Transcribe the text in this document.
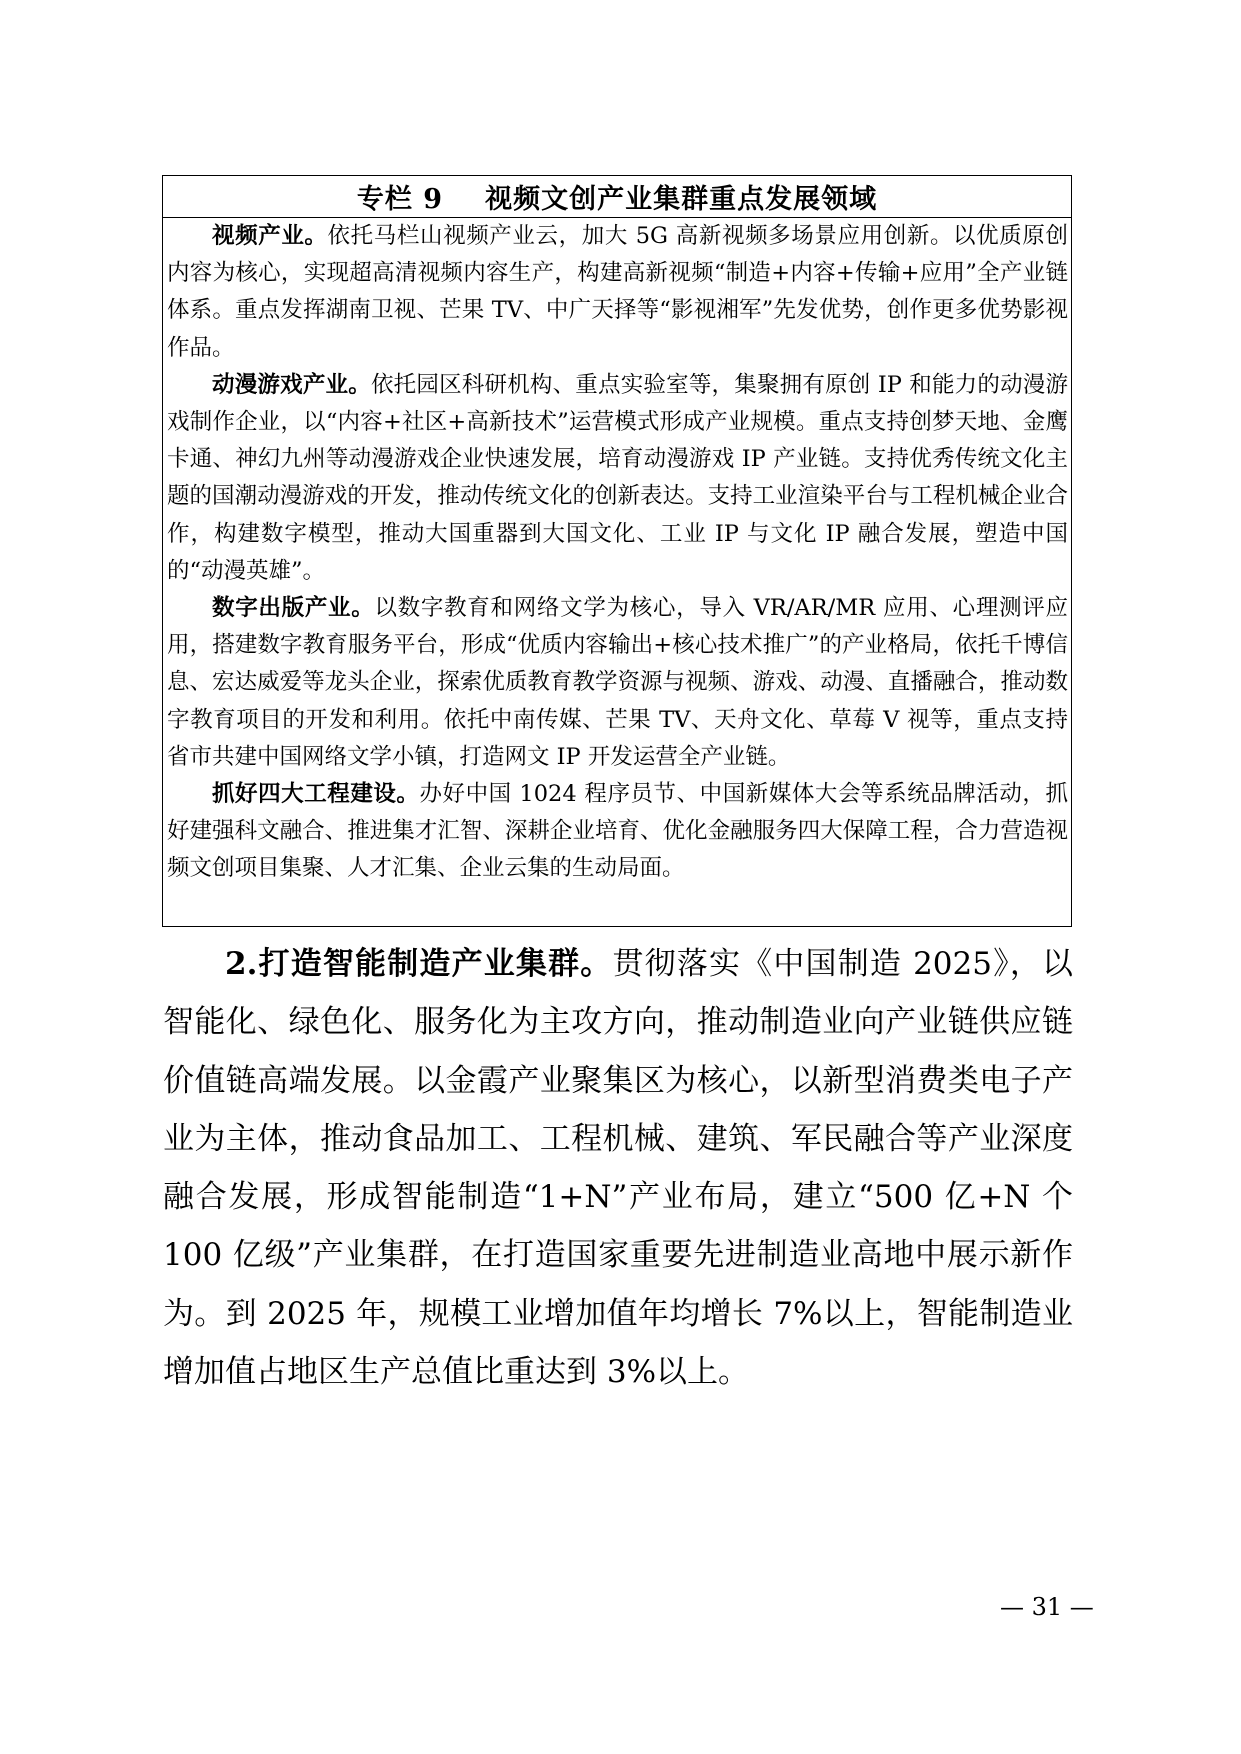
专栏 9 视频文创产业集群重点发展领域

视频产业。依托马栏山视频产业云，加大 5G 高新视频多场景应用创新。以优质原创内容为核心，实现超高清视频内容生产，构建高新视频“制造+内容+传输+应用”全产业链体系。重点发挥湖南卫视、芒果 TV、中广天择等“影视湘军”先发优势，创作更多优势影视作品。

动漫游戏产业。依托园区科研机构、重点实验室等，集聚拥有原创 IP 和能力的动漫游戏制作企业，以“内容+社区+高新技术”运营模式形成产业规模。重点支持创梦天地、金鹰卡通、神幻九州等动漫游戏企业快速发展，培育动漫游戏 IP 产业链。支持优秀传统文化主题的国潮动漫游戏的开发，推动传统文化的创新表达。支持工业渲染平台与工程机械企业合作，构建数字模型，推动大国重器到大国文化、工业 IP 与文化 IP 融合发展，塑造中国的“动漫英雄”。

数字出版产业。以数字教育和网络文学为核心，导入 VR/AR/MR 应用、心理测评应用，搭建数字教育服务平台，形成“优质内容输出+核心技术推广”的产业格局，依托千博信息、宏达威爱等龙头企业，探索优质教育教学资源与视频、游戏、动漫、直播融合，推动数字教育项目的开发和利用。依托中南传媒、芒果 TV、天舟文化、草莓 V 视等，重点支持省市共建中国网络文学小镇，打造网文 IP 开发运营全产业链。

抓好四大工程建设。办好中国 1024 程序员节、中国新媒体大会等系统品牌活动，抓好建强科文融合、推进集才汇智、深耕企业培育、优化金融服务四大保障工程，合力营造视频文创项目集聚、人才汇集、企业云集的生动局面。

2.打造智能制造产业集群。贯彻落实《中国制造 2025》，以智能化、绿色化、服务化为主攻方向，推动制造业向产业链供应链价值链高端发展。以金霞产业聚集区为核心，以新型消费类电子产业为主体，推动食品加工、工程机械、建筑、军民融合等产业深度融合发展，形成智能制造“1+N”产业布局，建立“500 亿+N 个 100 亿级”产业集群，在打造国家重要先进制造业高地中展示新作为。到 2025 年，规模工业增加值年均增长 7%以上，智能制造业增加值占地区生产总值比重达到 3%以上。

— 31 —
